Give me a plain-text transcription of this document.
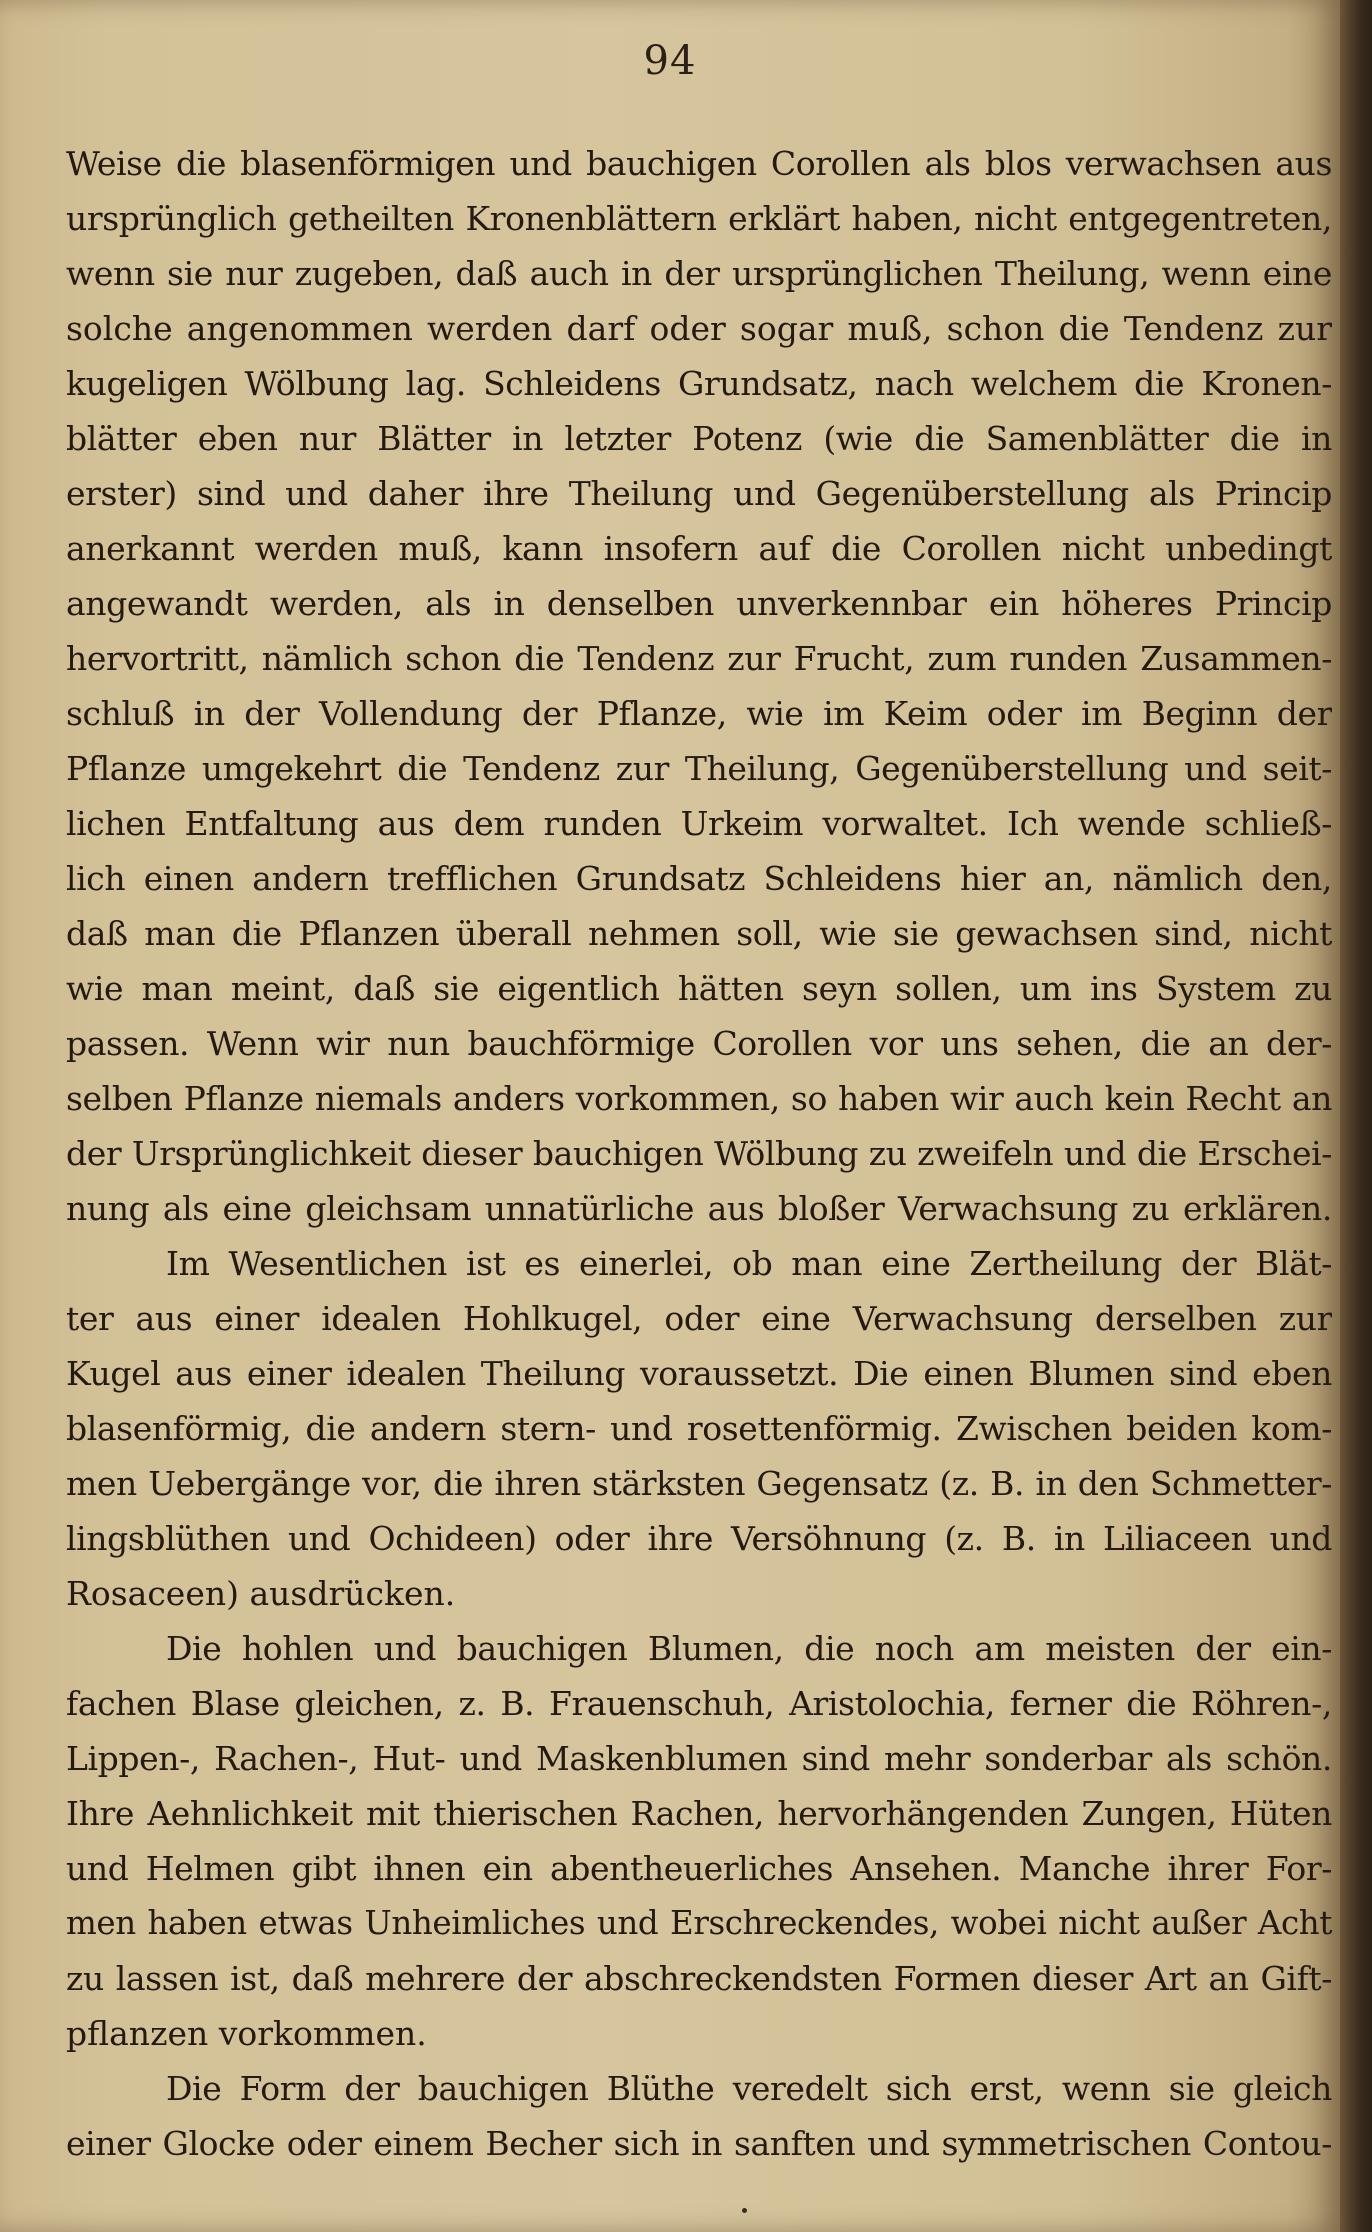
94
Weise die blasenförmigen und bauchigen Corollen als blos verwachsen aus
ursprünglich getheilten Kronenblättern erklärt haben, nicht entgegentreten,
wenn sie nur zugeben, daß auch in der ursprünglichen Theilung, wenn eine
solche angenommen werden darf oder sogar muß, schon die Tendenz zur
kugeligen Wölbung lag. Schleidens Grundsatz, nach welchem die Kronen-
blätter eben nur Blätter in letzter Potenz (wie die Samenblätter die in
erster) sind und daher ihre Theilung und Gegenüberstellung als Princip
anerkannt werden muß, kann insofern auf die Corollen nicht unbedingt
angewandt werden, als in denselben unverkennbar ein höheres Princip
hervortritt, nämlich schon die Tendenz zur Frucht, zum runden Zusammen-
schluß in der Vollendung der Pflanze, wie im Keim oder im Beginn der
Pflanze umgekehrt die Tendenz zur Theilung, Gegenüberstellung und seit-
lichen Entfaltung aus dem runden Urkeim vorwaltet. Ich wende schließ-
lich einen andern trefflichen Grundsatz Schleidens hier an, nämlich den,
daß man die Pflanzen überall nehmen soll, wie sie gewachsen sind, nicht
wie man meint, daß sie eigentlich hätten seyn sollen, um ins System zu
passen. Wenn wir nun bauchförmige Corollen vor uns sehen, die an der-
selben Pflanze niemals anders vorkommen, so haben wir auch kein Recht an
der Ursprünglichkeit dieser bauchigen Wölbung zu zweifeln und die Erschei-
nung als eine gleichsam unnatürliche aus bloßer Verwachsung zu erklären.
Im Wesentlichen ist es einerlei, ob man eine Zertheilung der Blät-
ter aus einer idealen Hohlkugel, oder eine Verwachsung derselben zur
Kugel aus einer idealen Theilung voraussetzt. Die einen Blumen sind eben
blasenförmig, die andern stern- und rosettenförmig. Zwischen beiden kom-
men Uebergänge vor, die ihren stärksten Gegensatz (z. B. in den Schmetter-
lingsblüthen und Ochideen) oder ihre Versöhnung (z. B. in Liliaceen und
Rosaceen) ausdrücken.
Die hohlen und bauchigen Blumen, die noch am meisten der ein-
fachen Blase gleichen, z. B. Frauenschuh, Aristolochia, ferner die Röhren-,
Lippen-, Rachen-, Hut- und Maskenblumen sind mehr sonderbar als schön.
Ihre Aehnlichkeit mit thierischen Rachen, hervorhängenden Zungen, Hüten
und Helmen gibt ihnen ein abentheuerliches Ansehen. Manche ihrer For-
men haben etwas Unheimliches und Erschreckendes, wobei nicht außer Acht
zu lassen ist, daß mehrere der abschreckendsten Formen dieser Art an Gift-
pflanzen vorkommen.
Die Form der bauchigen Blüthe veredelt sich erst, wenn sie gleich
einer Glocke oder einem Becher sich in sanften und symmetrischen Contou-
